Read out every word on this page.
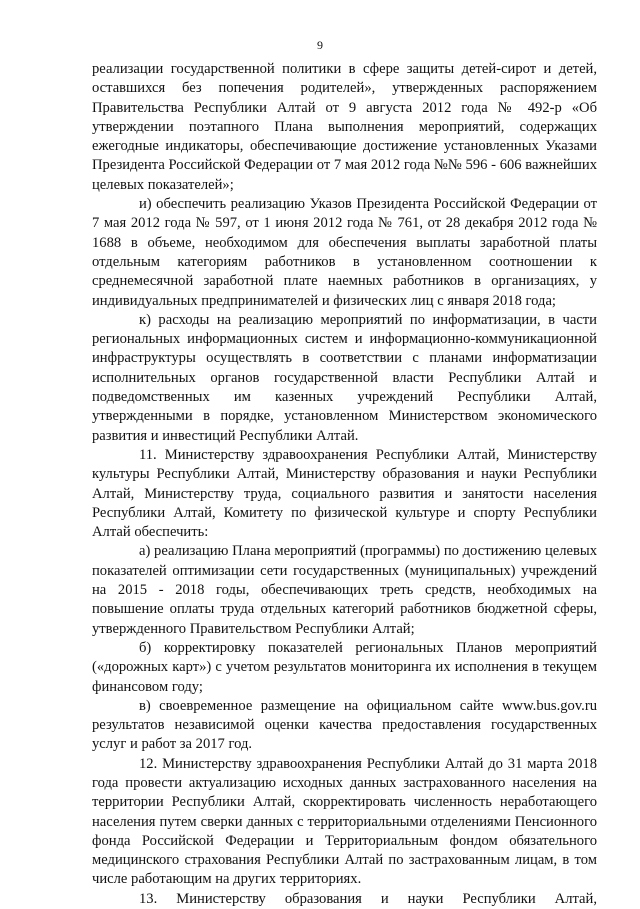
9

реализации государственной политики в сфере защиты детей-сирот и детей, оставшихся без попечения родителей», утвержденных распоряжением Правительства Республики Алтай от 9 августа 2012 года № 492-р «Об утверждении поэтапного Плана выполнения мероприятий, содержащих ежегодные индикаторы, обеспечивающие достижение установленных Указами Президента Российской Федерации от 7 мая 2012 года №№ 596 - 606 важнейших целевых показателей»;

и) обеспечить реализацию Указов Президента Российской Федерации от 7 мая 2012 года № 597, от 1 июня 2012 года № 761, от 28 декабря 2012 года № 1688 в объеме, необходимом для обеспечения выплаты заработной платы отдельным категориям работников в установленном соотношении к среднемесячной заработной плате наемных работников в организациях, у индивидуальных предпринимателей и физических лиц с января 2018 года;

к) расходы на реализацию мероприятий по информатизации, в части региональных информационных систем и информационно-коммуникационной инфраструктуры осуществлять в соответствии с планами информатизации исполнительных органов государственной власти Республики Алтай и подведомственных им казенных учреждений Республики Алтай, утвержденными в порядке, установленном Министерством экономического развития и инвестиций Республики Алтай.

11. Министерству здравоохранения Республики Алтай, Министерству культуры Республики Алтай, Министерству образования и науки Республики Алтай, Министерству труда, социального развития и занятости населения Республики Алтай, Комитету по физической культуре и спорту Республики Алтай обеспечить:

а) реализацию Плана мероприятий (программы) по достижению целевых показателей оптимизации сети государственных (муниципальных) учреждений на 2015 - 2018 годы, обеспечивающих треть средств, необходимых на повышение оплаты труда отдельных категорий работников бюджетной сферы, утвержденного Правительством Республики Алтай;

б) корректировку показателей региональных Планов мероприятий («дорожных карт») с учетом результатов мониторинга их исполнения в текущем финансовом году;

в) своевременное размещение на официальном сайте www.bus.gov.ru результатов независимой оценки качества предоставления государственных услуг и работ за 2017 год.

12. Министерству здравоохранения Республики Алтай до 31 марта 2018 года провести актуализацию исходных данных застрахованного населения на территории Республики Алтай, скорректировать численность неработающего населения путем сверки данных с территориальными отделениями Пенсионного фонда Российской Федерации и Территориальным фондом обязательного медицинского страхования Республики Алтай по застрахованным лицам, в том числе работающим на других территориях.

13. Министерству образования и науки Республики Алтай,
